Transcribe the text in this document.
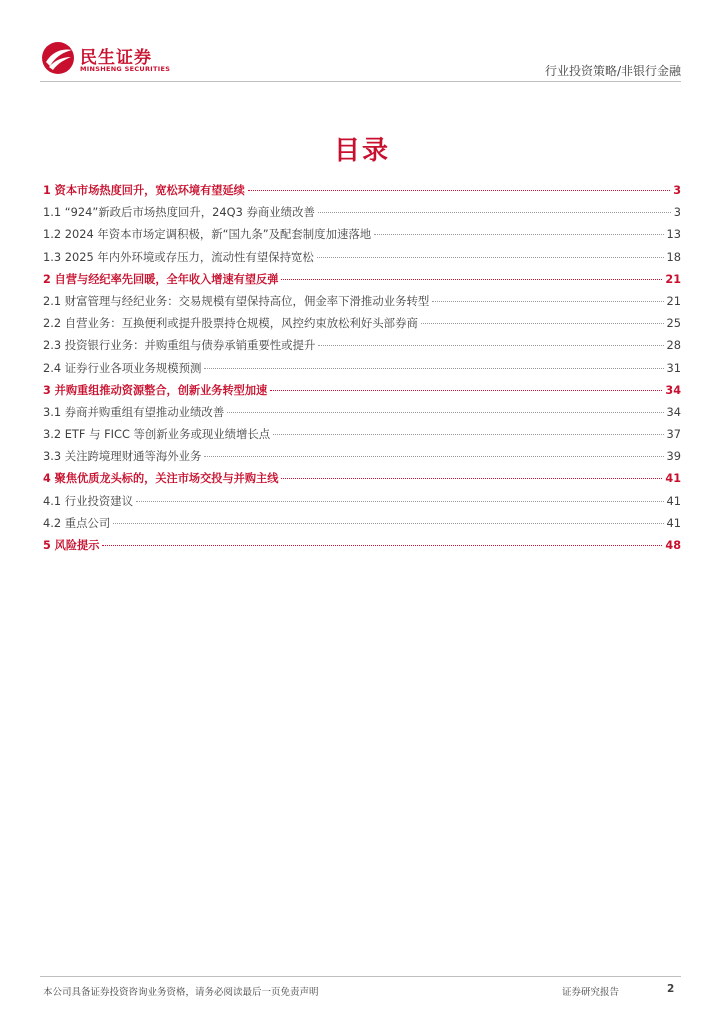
民生证券
MINSHENG SECURITIES	行业投资策略/非银行金融
目录
1 资本市场热度回升，宽松环境有望延续	3
1.1 “924”新政后市场热度回升，24Q3 券商业绩改善	3
1.2 2024 年资本市场定调积极，新“国九条”及配套制度加速落地	13
1.3 2025 年内外环境或存压力，流动性有望保持宽松	18
2 自营与经纪率先回暖，全年收入增速有望反弹	21
2.1 财富管理与经纪业务：交易规模有望保持高位，佣金率下滑推动业务转型	21
2.2 自营业务：互换便利或提升股票持仓规模，风控约束放松利好头部券商	25
2.3 投资银行业务：并购重组与债券承销重要性或提升	28
2.4 证券行业各项业务规模预测	31
3 并购重组推动资源整合，创新业务转型加速	34
3.1 券商并购重组有望推动业绩改善	34
3.2 ETF 与 FICC 等创新业务或现业绩增长点	37
3.3 关注跨境理财通等海外业务	39
4 聚焦优质龙头标的，关注市场交投与并购主线	41
4.1 行业投资建议	41
4.2 重点公司	41
5 风险提示	48
本公司具备证券投资咨询业务资格，请务必阅读最后一页免责声明	证券研究报告	2
